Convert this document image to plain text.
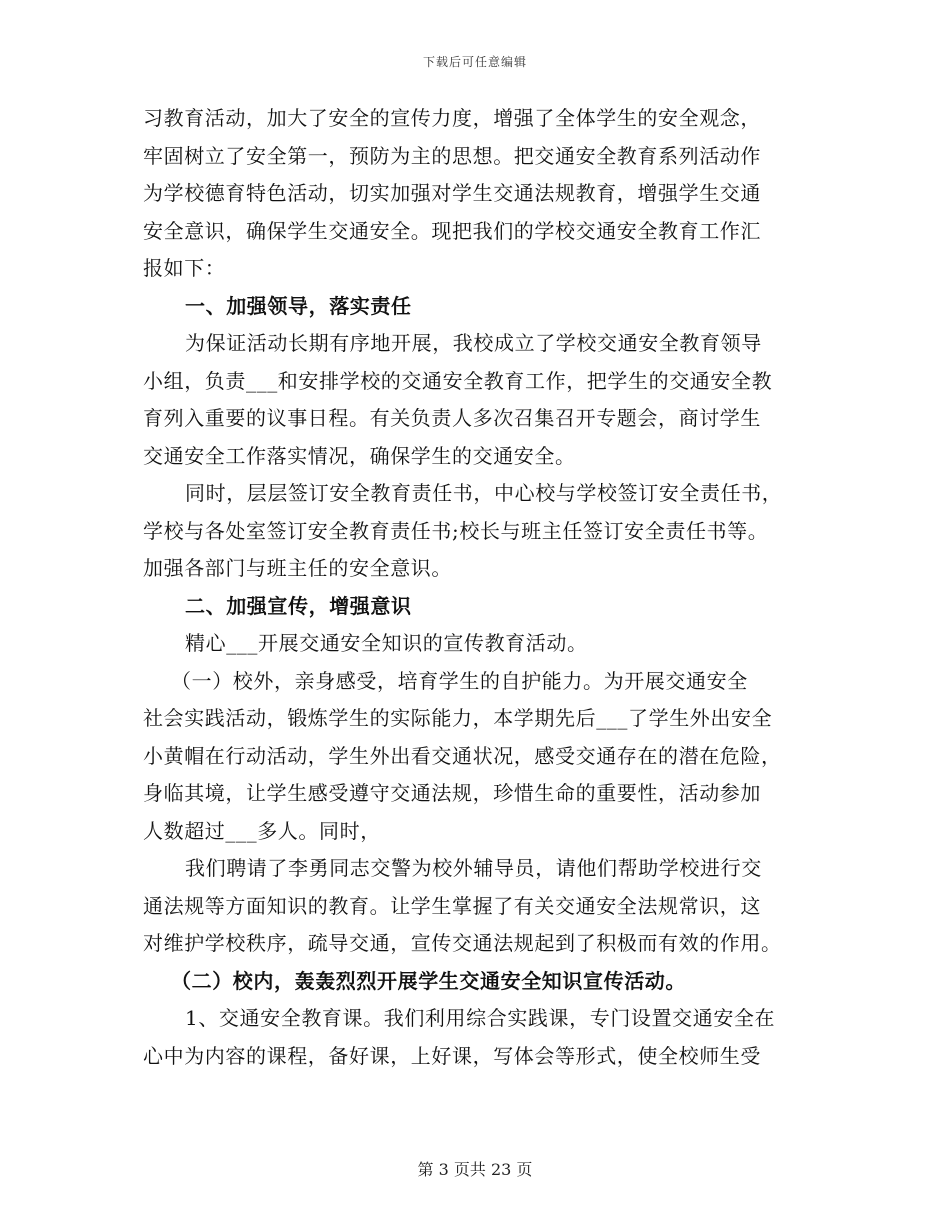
下载后可任意编辑
习教育活动，加大了安全的宣传力度，增强了全体学生的安全观念，
牢固树立了安全第一，预防为主的思想。把交通安全教育系列活动作
为学校德育特色活动，切实加强对学生交通法规教育，增强学生交通
安全意识，确保学生交通安全。现把我们的学校交通安全教育工作汇
报如下：
一、加强领导，落实责任
为保证活动长期有序地开展，我校成立了学校交通安全教育领导
小组，负责___和安排学校的交通安全教育工作，把学生的交通安全教
育列入重要的议事日程。有关负责人多次召集召开专题会，商讨学生
交通安全工作落实情况，确保学生的交通安全。
同时，层层签订安全教育责任书，中心校与学校签订安全责任书，
学校与各处室签订安全教育责任书;校长与班主任签订安全责任书等。
加强各部门与班主任的安全意识。
二、加强宣传，增强意识
精心___开展交通安全知识的宣传教育活动。
（一）校外，亲身感受，培育学生的自护能力。为开展交通安全
社会实践活动，锻炼学生的实际能力，本学期先后___了学生外出安全
小黄帽在行动活动，学生外出看交通状况，感受交通存在的潜在危险，
身临其境，让学生感受遵守交通法规，珍惜生命的重要性，活动参加
人数超过___多人。同时，
我们聘请了李勇同志交警为校外辅导员，请他们帮助学校进行交
通法规等方面知识的教育。让学生掌握了有关交通安全法规常识，这
对维护学校秩序，疏导交通，宣传交通法规起到了积极而有效的作用。
（二）校内，轰轰烈烈开展学生交通安全知识宣传活动。
1、交通安全教育课。我们利用综合实践课，专门设置交通安全在
心中为内容的课程，备好课，上好课，写体会等形式，使全校师生受
第 3 页共 23 页
